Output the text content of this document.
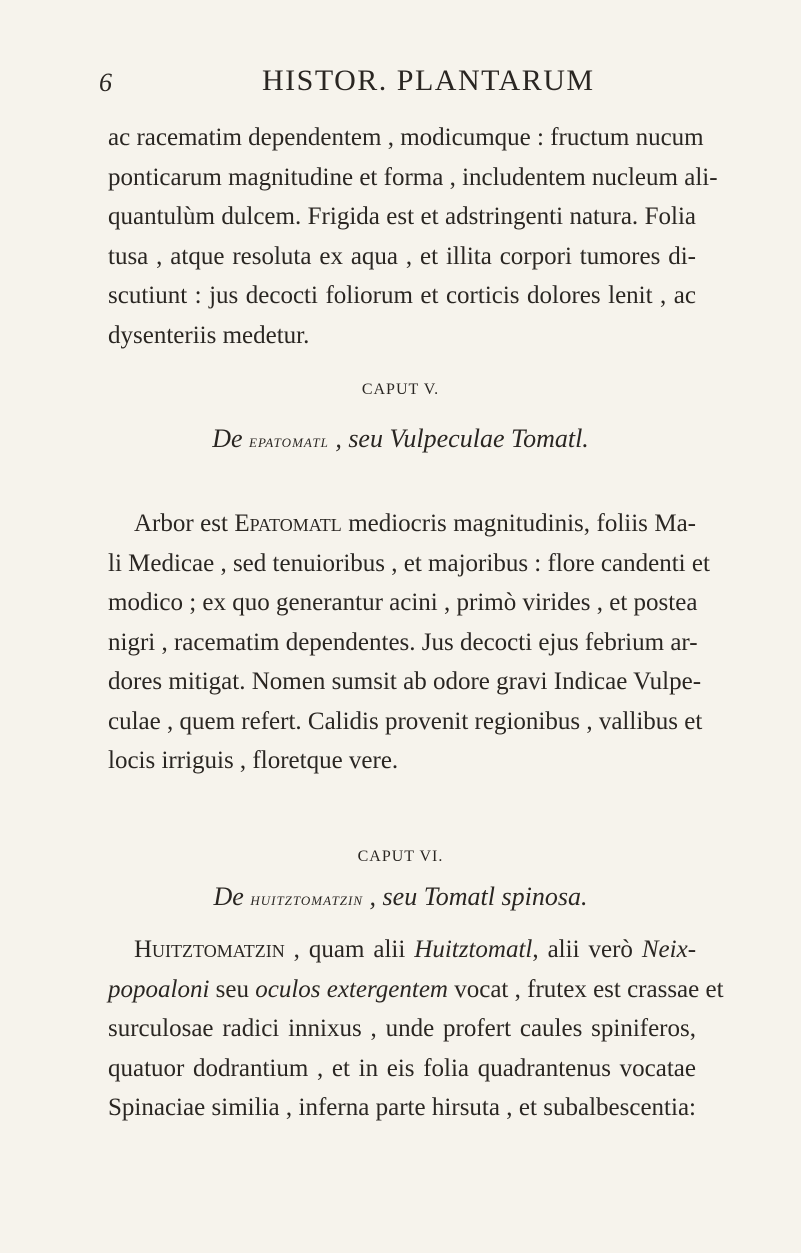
6	HISTOR. PLANTARUM
ac racematim dependentem , modicumque : fructum nucum
ponticarum magnitudine et forma , includentem nucleum ali-
quantulùm dulcem. Frigida est et adstringenti natura. Folia
tusa , atque resoluta ex aqua , et illita corpori tumores di-
scutiunt : jus decocti foliorum et corticis dolores lenit , ac
dysenteriis medetur.
CAPUT V.
De epatomatl , seu Vulpeculae Tomatl.
Arbor est Epatomatl mediocris magnitudinis, foliis Ma-
li Medicae , sed tenuioribus , et majoribus : flore candenti et
modico ; ex quo generantur acini , primò virides , et postea
nigri , racematim dependentes. Jus decocti ejus febrium ar-
dores mitigat. Nomen sumsit ab odore gravi Indicae Vulpe-
culae , quem refert. Calidis provenit regionibus , vallibus et
locis irriguis , floretque vere.
CAPUT VI.
De huitztomatzin , seu Tomatl spinosa.
Huitztomatzin , quam alii Huitztomatl, alii verò Neix-
popoaloni seu oculos extergentem vocat , frutex est crassae et
surculosae radici innixus , unde profert caules spiniferos,
quatuor dodrantium , et in eis folia quadrantenus vocatae
Spinaciae similia , inferna parte hirsuta , et subalbescentia:
